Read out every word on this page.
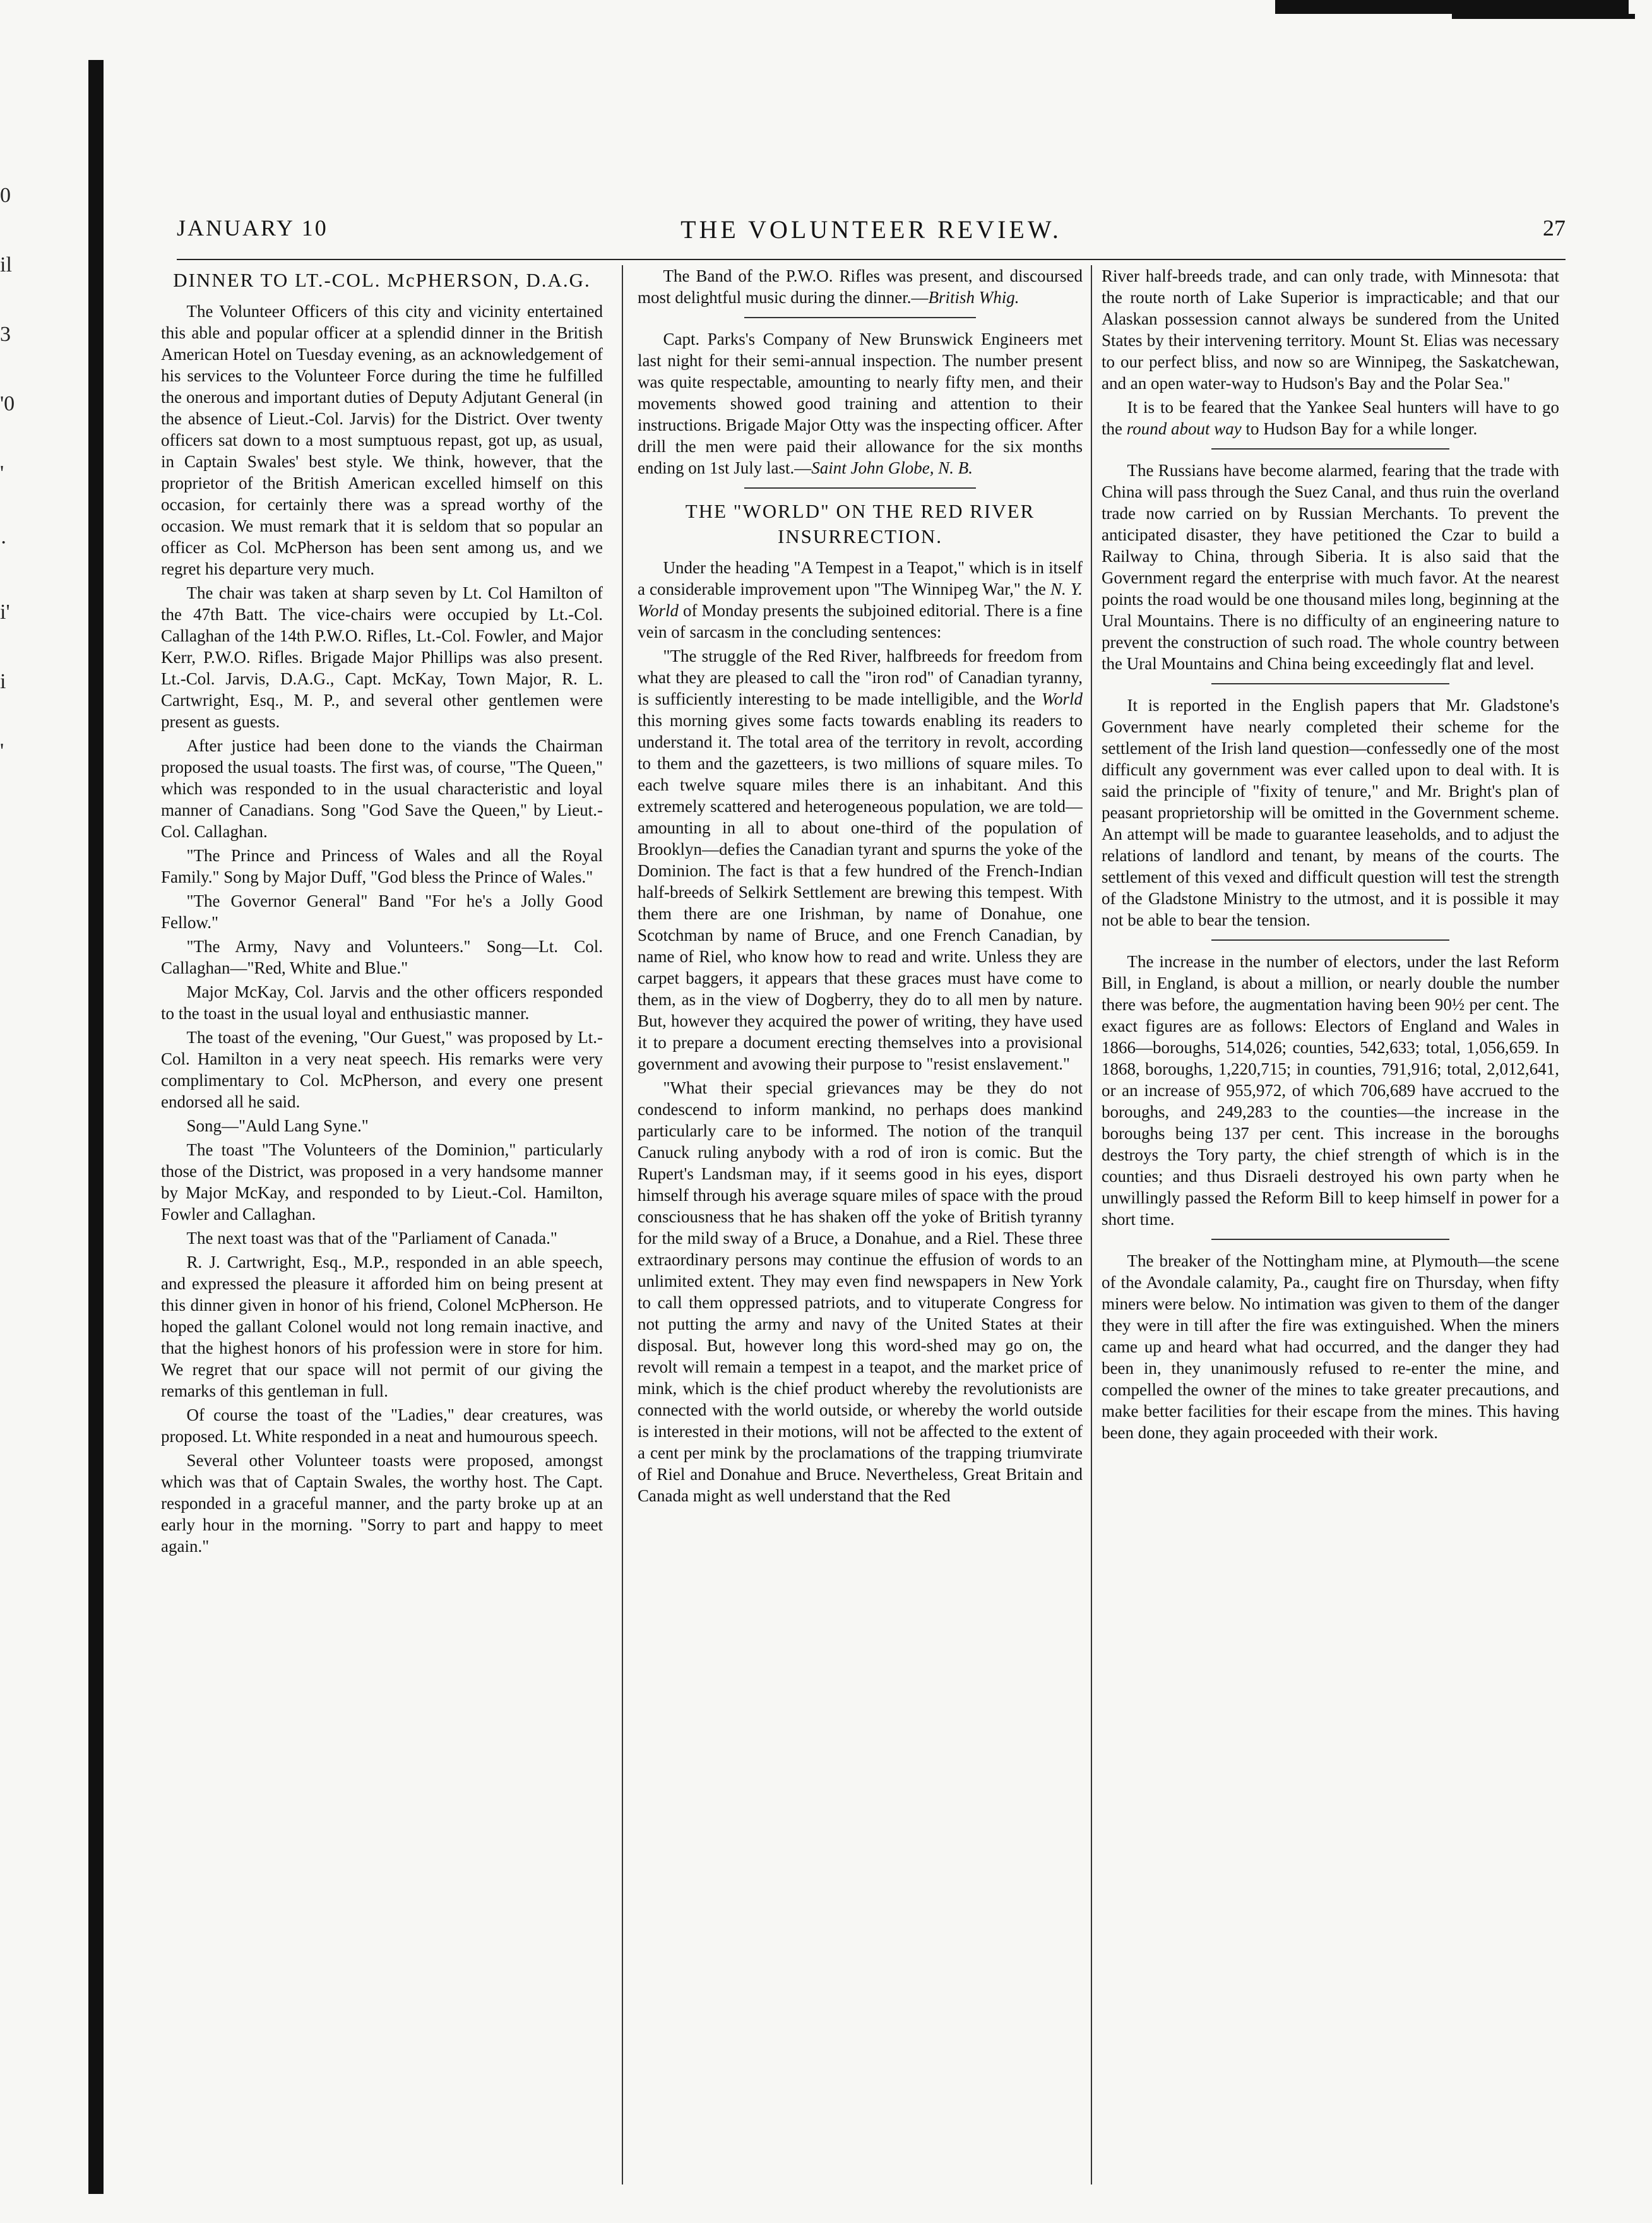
0
il
3
'0
'
·
i'
i
'
THE VOLUNTEER REVIEW.
JANUARY 10	27
DINNER TO LT.-COL. McPHERSON, D.A.G.

The Volunteer Officers of this city and vicinity entertained this able and popular officer at a splendid dinner in the British American Hotel on Tuesday evening, as an acknowledgement of his services to the Volunteer Force during the time he fulfilled the onerous and important duties of Deputy Adjutant General (in the absence of Lieut.-Col. Jarvis) for the District. Over twenty officers sat down to a most sumptuous repast, got up, as usual, in Captain Swales' best style. We think, however, that the proprietor of the British American excelled himself on this occasion, for certainly there was a spread worthy of the occasion. We must remark that it is seldom that so popular an officer as Col. McPherson has been sent among us, and we regret his departure very much.

The chair was taken at sharp seven by Lt. Col Hamilton of the 47th Batt. The vice-chairs were occupied by Lt.-Col. Callaghan of the 14th P.W.O. Rifles, Lt.-Col. Fowler, and Major Kerr, P.W.O. Rifles. Brigade Major Phillips was also present. Lt.-Col. Jarvis, D.A.G., Capt. McKay, Town Major, R. L. Cartwright, Esq., M. P., and several other gentlemen were present as guests.

After justice had been done to the viands the Chairman proposed the usual toasts. The first was, of course, "The Queen," which was responded to in the usual characteristic and loyal manner of Canadians. Song "God Save the Queen," by Lieut.-Col. Callaghan.

"The Prince and Princess of Wales and all the Royal Family." Song by Major Duff, "God bless the Prince of Wales."

"The Governor General" Band "For he's a Jolly Good Fellow."

"The Army, Navy and Volunteers." Song—Lt. Col. Callaghan—"Red, White and Blue."

Major McKay, Col. Jarvis and the other officers responded to the toast in the usual loyal and enthusiastic manner.

The toast of the evening, "Our Guest," was proposed by Lt.-Col. Hamilton in a very neat speech. His remarks were very complimentary to Col. McPherson, and every one present endorsed all he said.

Song—"Auld Lang Syne."

The toast "The Volunteers of the Dominion," particularly those of the District, was proposed in a very handsome manner by Major McKay, and responded to by Lieut.-Col. Hamilton, Fowler and Callaghan.

The next toast was that of the "Parliament of Canada."

R. J. Cartwright, Esq., M.P., responded in an able speech, and expressed the pleasure it afforded him on being present at this dinner given in honor of his friend, Colonel McPherson. He hoped the gallant Colonel would not long remain inactive, and that the highest honors of his profession were in store for him. We regret that our space will not permit of our giving the remarks of this gentleman in full.

Of course the toast of the "Ladies," dear creatures, was proposed. Lt. White responded in a neat and humourous speech.

Several other Volunteer toasts were proposed, amongst which was that of Captain Swales, the worthy host. The Capt. responded in a graceful manner, and the party broke up at an early hour in the morning. "Sorry to part and happy to meet again."

The Band of the P.W.O. Rifles was present, and discoursed most delightful music during the dinner.—British Whig.

Capt. Parks's Company of New Brunswick Engineers met last night for their semi-annual inspection. The number present was quite respectable, amounting to nearly fifty men, and their movements showed good training and attention to their instructions. Brigade Major Otty was the inspecting officer. After drill the men were paid their allowance for the six months ending on 1st July last.—Saint John Globe, N. B.

THE "WORLD" ON THE RED RIVER INSURRECTION.

Under the heading "A Tempest in a Teapot," which is in itself a considerable improvement upon "The Winnipeg War," the N. Y. World of Monday presents the subjoined editorial. There is a fine vein of sarcasm in the concluding sentences:

"The struggle of the Red River, halfbreeds for freedom from what they are pleased to call the "iron rod" of Canadian tyranny, is sufficiently interesting to be made intelligible, and the World this morning gives some facts towards enabling its readers to understand it. The total area of the territory in revolt, according to them and the gazetteers, is two millions of square miles. To each twelve square miles there is an inhabitant. And this extremely scattered and heterogeneous population, we are told—amounting in all to about one-third of the population of Brooklyn—defies the Canadian tyrant and spurns the yoke of the Dominion. The fact is that a few hundred of the French-Indian half-breeds of Selkirk Settlement are brewing this tempest. With them there are one Irishman, by name of Donahue, one Scotchman by name of Bruce, and one French Canadian, by name of Riel, who know how to read and write. Unless they are carpet baggers, it appears that these graces must have come to them, as in the view of Dogberry, they do to all men by nature. But, however they acquired the power of writing, they have used it to prepare a document erecting themselves into a provisional government and avowing their purpose to "resist enslavement."

"What their special grievances may be they do not condescend to inform mankind, no perhaps does mankind particularly care to be informed. The notion of the tranquil Canuck ruling anybody with a rod of iron is comic. But the Rupert's Landsman may, if it seems good in his eyes, disport himself through his average square miles of space with the proud consciousness that he has shaken off the yoke of British tyranny for the mild sway of a Bruce, a Donahue, and a Riel. These three extraordinary persons may continue the effusion of words to an unlimited extent. They may even find newspapers in New York to call them oppressed patriots, and to vituperate Congress for not putting the army and navy of the United States at their disposal. But, however long this word-shed may go on, the revolt will remain a tempest in a teapot, and the market price of mink, which is the chief product whereby the revolutionists are connected with the world outside, or whereby the world outside is interested in their motions, will not be affected to the extent of a cent per mink by the proclamations of the trapping triumvirate of Riel and Donahue and Bruce. Nevertheless, Great Britain and Canada might as well understand that the Red

River half-breeds trade, and can only trade, with Minnesota: that the route north of Lake Superior is impracticable; and that our Alaskan possession cannot always be sundered from the United States by their intervening territory. Mount St. Elias was necessary to our perfect bliss, and now so are Winnipeg, the Saskatchewan, and an open water-way to Hudson's Bay and the Polar Sea."

It is to be feared that the Yankee Seal hunters will have to go the round about way to Hudson Bay for a while longer.

The Russians have become alarmed, fearing that the trade with China will pass through the Suez Canal, and thus ruin the overland trade now carried on by Russian Merchants. To prevent the anticipated disaster, they have petitioned the Czar to build a Railway to China, through Siberia. It is also said that the Government regard the enterprise with much favor. At the nearest points the road would be one thousand miles long, beginning at the Ural Mountains. There is no difficulty of an engineering nature to prevent the construction of such road. The whole country between the Ural Mountains and China being exceedingly flat and level.

It is reported in the English papers that Mr. Gladstone's Government have nearly completed their scheme for the settlement of the Irish land question—confessedly one of the most difficult any government was ever called upon to deal with. It is said the principle of "fixity of tenure," and Mr. Bright's plan of peasant proprietorship will be omitted in the Government scheme. An attempt will be made to guarantee leaseholds, and to adjust the relations of landlord and tenant, by means of the courts. The settlement of this vexed and difficult question will test the strength of the Gladstone Ministry to the utmost, and it is possible it may not be able to bear the tension.

The increase in the number of electors, under the last Reform Bill, in England, is about a million, or nearly double the number there was before, the augmentation having been 90½ per cent. The exact figures are as follows: Electors of England and Wales in 1866—boroughs, 514,026; counties, 542,633; total, 1,056,659. In 1868, boroughs, 1,220,715; in counties, 791,916; total, 2,012,641, or an increase of 955,972, of which 706,689 have accrued to the boroughs, and 249,283 to the counties—the increase in the boroughs being 137 per cent. This increase in the boroughs destroys the Tory party, the chief strength of which is in the counties; and thus Disraeli destroyed his own party when he unwillingly passed the Reform Bill to keep himself in power for a short time.

The breaker of the Nottingham mine, at Plymouth—the scene of the Avondale calamity, Pa., caught fire on Thursday, when fifty miners were below. No intimation was given to them of the danger they were in till after the fire was extinguished. When the miners came up and heard what had occurred, and the danger they had been in, they unanimously refused to re-enter the mine, and compelled the owner of the mines to take greater precautions, and make better facilities for their escape from the mines. This having been done, they again proceeded with their work.
